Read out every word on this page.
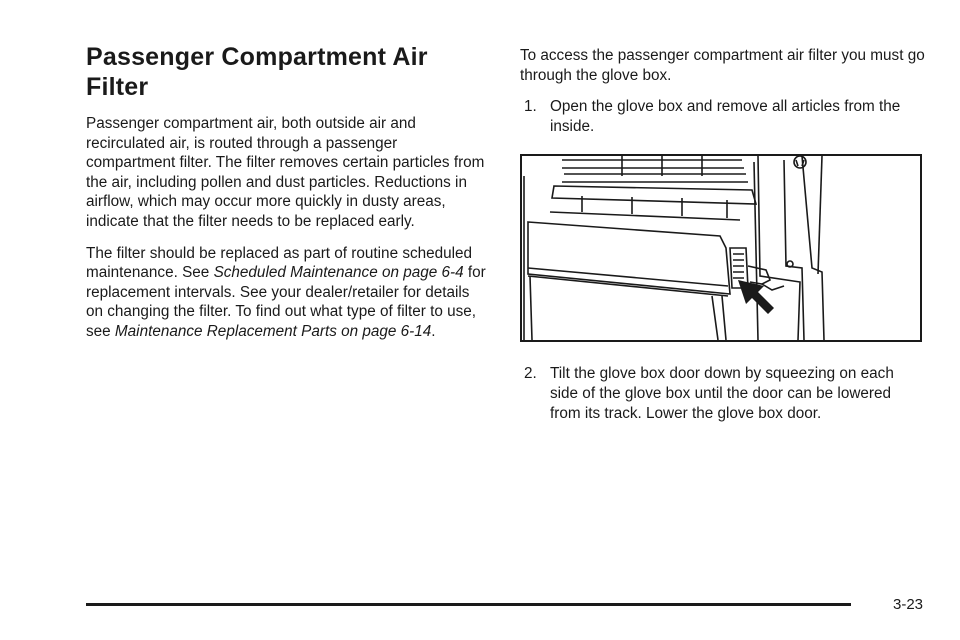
Passenger Compartment Air Filter

Passenger compartment air, both outside air and recirculated air, is routed through a passenger compartment filter. The filter removes certain particles from the air, including pollen and dust particles. Reductions in airflow, which may occur more quickly in dusty areas, indicate that the filter needs to be replaced early.

The filter should be replaced as part of routine scheduled maintenance. See Scheduled Maintenance on page 6-4 for replacement intervals. See your dealer/retailer for details on changing the filter. To find out what type of filter to use, see Maintenance Replacement Parts on page 6-14.

To access the passenger compartment air filter you must go through the glove box.

1. Open the glove box and remove all articles from the inside.
2. Tilt the glove box door down by squeezing on each side of the glove box until the door can be lowered from its track. Lower the glove box door.
3-23
